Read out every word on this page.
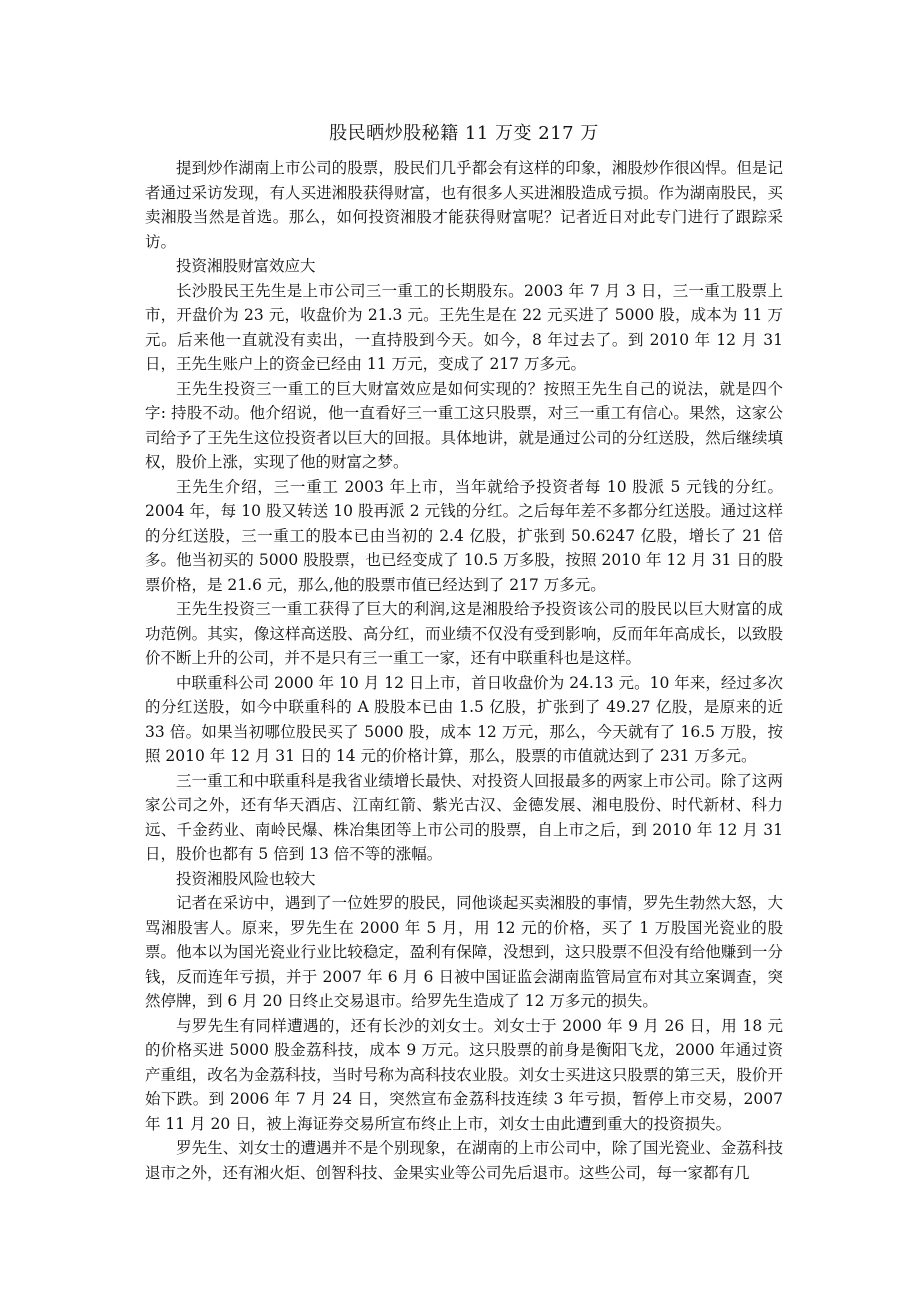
股民晒炒股秘籍 11 万变 217 万

提到炒作湖南上市公司的股票，股民们几乎都会有这样的印象，湘股炒作很凶悍。但是记者通过采访发现，有人买进湘股获得财富，也有很多人买进湘股造成亏损。作为湖南股民，买卖湘股当然是首选。那么，如何投资湘股才能获得财富呢？记者近日对此专门进行了跟踪采访。

投资湘股财富效应大

长沙股民王先生是上市公司三一重工的长期股东。2003 年 7 月 3 日，三一重工股票上市，开盘价为 23 元，收盘价为 21.3 元。王先生是在 22 元买进了 5000 股，成本为 11 万元。后来他一直就没有卖出，一直持股到今天。如今，8 年过去了。到 2010 年 12 月 31 日，王先生账户上的资金已经由 11 万元，变成了 217 万多元。

王先生投资三一重工的巨大财富效应是如何实现的？按照王先生自己的说法，就是四个字: 持股不动。他介绍说，他一直看好三一重工这只股票，对三一重工有信心。果然，这家公司给予了王先生这位投资者以巨大的回报。具体地讲，就是通过公司的分红送股，然后继续填权，股价上涨，实现了他的财富之梦。

王先生介绍，三一重工 2003 年上市，当年就给予投资者每 10 股派 5 元钱的分红。2004 年，每 10 股又转送 10 股再派 2 元钱的分红。之后每年差不多都分红送股。通过这样的分红送股，三一重工的股本已由当初的 2.4 亿股，扩张到 50.6247 亿股，增长了 21 倍多。他当初买的 5000 股股票，也已经变成了 10.5 万多股，按照 2010 年 12 月 31 日的股票价格，是 21.6 元，那么,他的股票市值已经达到了 217 万多元。

王先生投资三一重工获得了巨大的利润,这是湘股给予投资该公司的股民以巨大财富的成功范例。其实，像这样高送股、高分红，而业绩不仅没有受到影响，反而年年高成长，以致股价不断上升的公司，并不是只有三一重工一家，还有中联重科也是这样。

中联重科公司 2000 年 10 月 12 日上市，首日收盘价为 24.13 元。10 年来，经过多次的分红送股，如今中联重科的 A 股股本已由 1.5 亿股，扩张到了 49.27 亿股，是原来的近 33 倍。如果当初哪位股民买了 5000 股，成本 12 万元，那么，今天就有了 16.5 万股，按照 2010 年 12 月 31 日的 14 元的价格计算，那么，股票的市值就达到了 231 万多元。

三一重工和中联重科是我省业绩增长最快、对投资人回报最多的两家上市公司。除了这两家公司之外，还有华天酒店、江南红箭、紫光古汉、金德发展、湘电股份、时代新材、科力远、千金药业、南岭民爆、株冶集团等上市公司的股票，自上市之后，到 2010 年 12 月 31 日，股价也都有 5 倍到 13 倍不等的涨幅。

投资湘股风险也较大

记者在采访中，遇到了一位姓罗的股民，同他谈起买卖湘股的事情，罗先生勃然大怒，大骂湘股害人。原来，罗先生在 2000 年 5 月，用 12 元的价格，买了 1 万股国光瓷业的股票。他本以为国光瓷业行业比较稳定，盈利有保障，没想到，这只股票不但没有给他赚到一分钱，反而连年亏损，并于 2007 年 6 月 6 日被中国证监会湖南监管局宣布对其立案调查，突然停牌，到 6 月 20 日终止交易退市。给罗先生造成了 12 万多元的损失。

与罗先生有同样遭遇的，还有长沙的刘女士。刘女士于 2000 年 9 月 26 日，用 18 元的价格买进 5000 股金荔科技，成本 9 万元。这只股票的前身是衡阳飞龙，2000 年通过资产重组，改名为金荔科技，当时号称为高科技农业股。刘女士买进这只股票的第三天，股价开始下跌。到 2006 年 7 月 24 日，突然宣布金荔科技连续 3 年亏损，暂停上市交易，2007 年 11 月 20 日，被上海证券交易所宣布终止上市，刘女士由此遭到重大的投资损失。

罗先生、刘女士的遭遇并不是个别现象，在湖南的上市公司中，除了国光瓷业、金荔科技退市之外，还有湘火炬、创智科技、金果实业等公司先后退市。这些公司，每一家都有几
